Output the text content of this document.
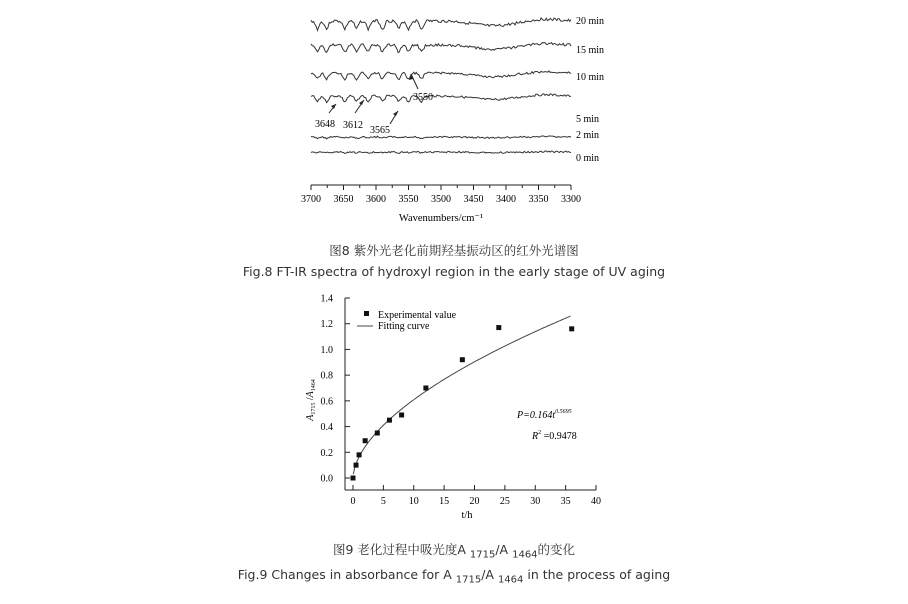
20 min
15 min
10 min
5 min
2 min
0 min
3648 3612 3565
3550
3700 3650 3600 3550 3500 3450 3400 3350 3300
Wavenumbers/cm⁻¹
0.0
0.2
0.4
0.6
0.8
1.0
1.2
1.4
0	5 10 15 20 25 30 35 40
Experimental value
Fitting curve
$P=0.164t^{0.5695}$
$R^2 =0.9478$
$A_{1715}$ $/A_{1464}$
t/h
图8 紫外光老化前期羟基振动区的红外光谱图
Fig.8 FT-IR spectra of hydroxyl region in the early stage of UV aging
图9 老化过程中吸光度A $_{1715}$/A $_{1464}$的变化
Fig.9 Changes in absorbance for A $_{1715}$/A $_{1464}$ in the process of aging
